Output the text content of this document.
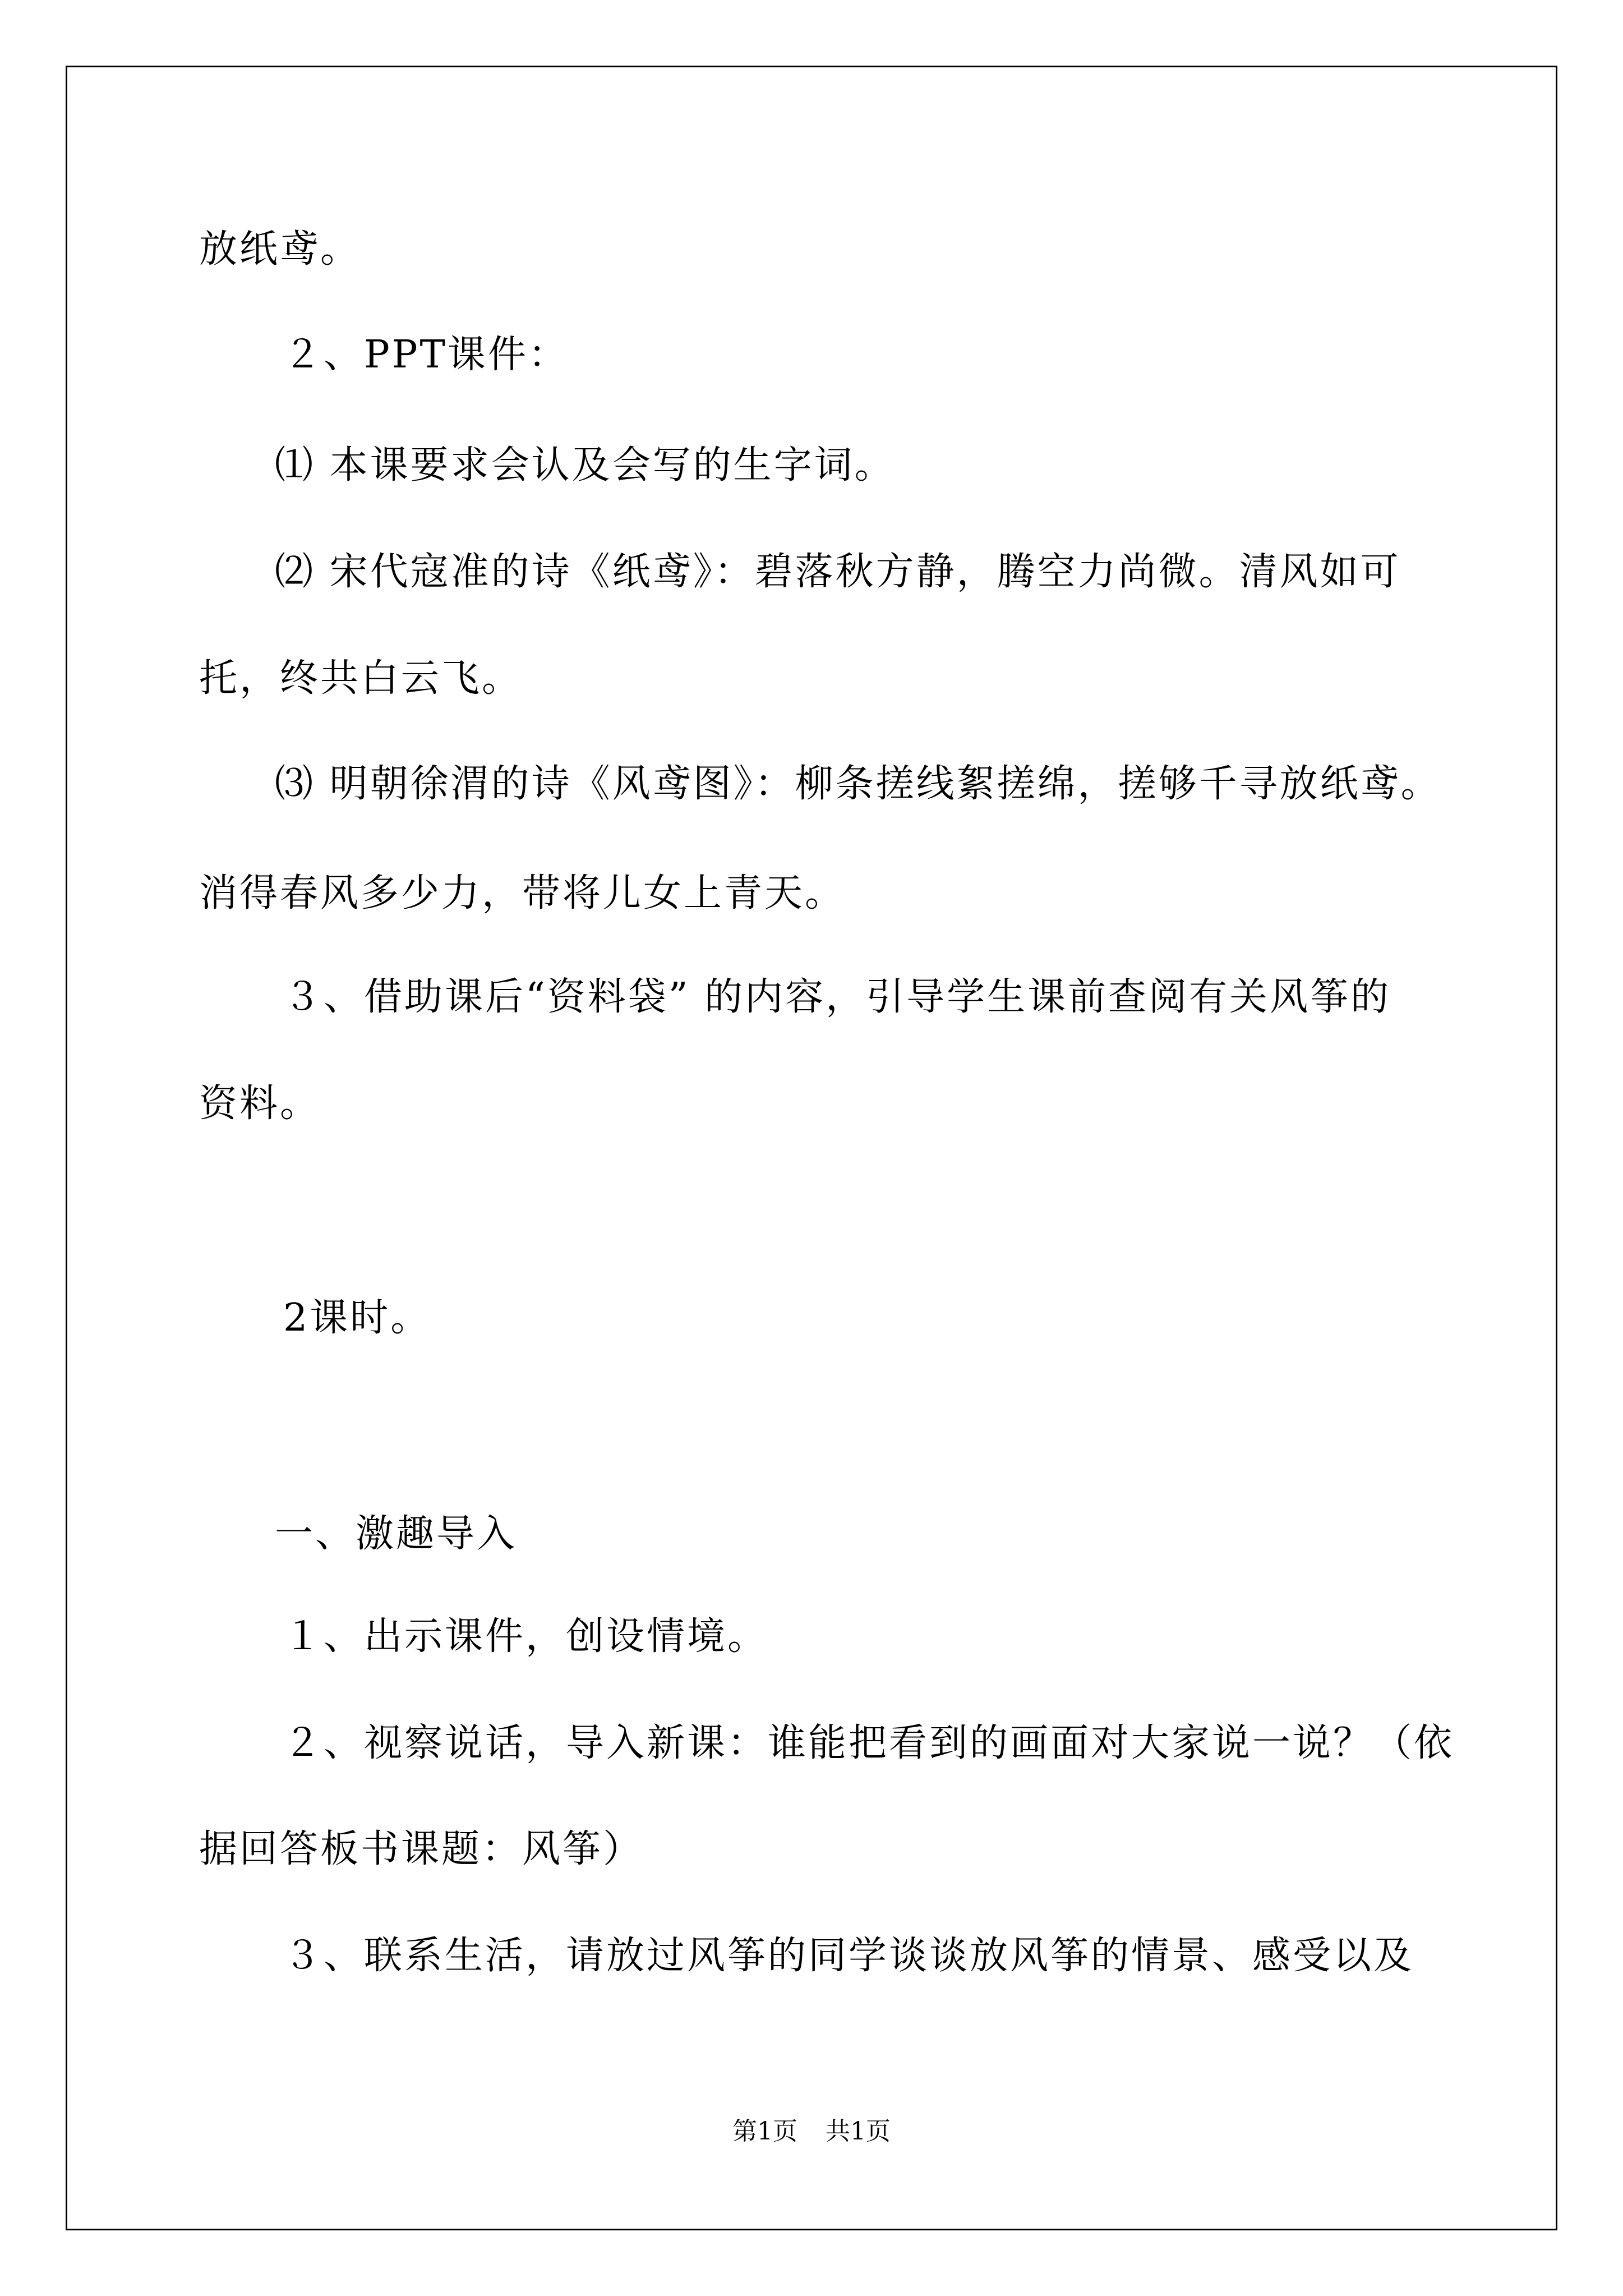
放纸鸢。
２、PPT课件：
⑴ 本课要求会认及会写的生字词。
⑵ 宋代寇准的诗《纸鸢》：碧落秋方静，腾空力尚微。清风如可
托，终共白云飞。
⑶ 明朝徐渭的诗《风鸢图》：柳条搓线絮搓绵，搓够千寻放纸鸢。
消得春风多少力，带将儿女上青天。
３、借助课后“资料袋” 的内容，引导学生课前查阅有关风筝的
资料。
2课时。
一、激趣导入
１、出示课件，创设情境。
２、视察说话，导入新课：谁能把看到的画面对大家说一说？（依
据回答板书课题：风筝）
３、联系生活，请放过风筝的同学谈谈放风筝的情景、感受以及
第1页 共1页
